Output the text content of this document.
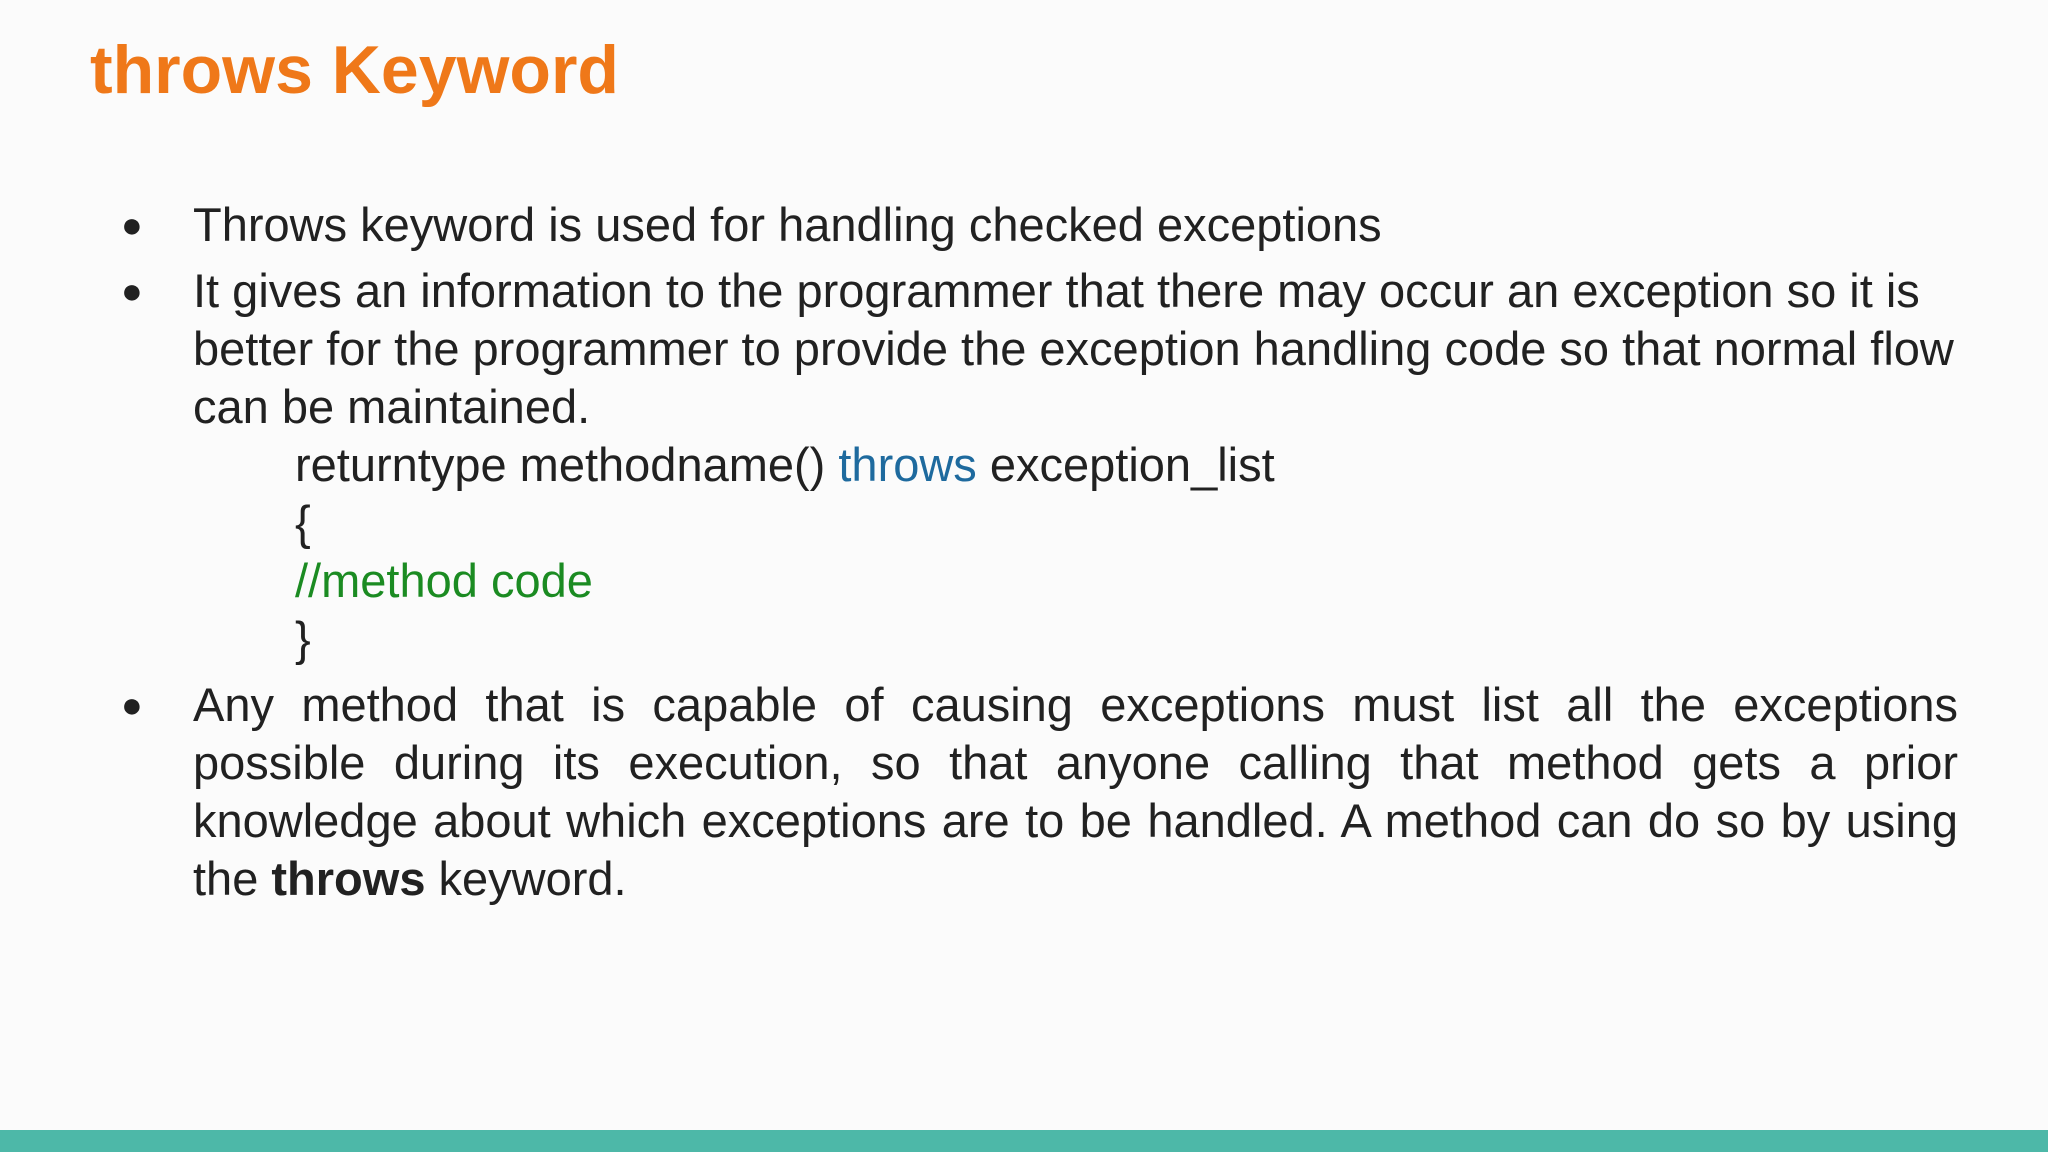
throws Keyword
● Throws keyword is used for handling checked exceptions
● It gives an information to the programmer that there may occur an exception so it is better for the programmer to provide the exception handling code so that normal flow can be maintained.
returntype methodname() throws exception_list
{
//method code
}
● Any method that is capable of causing exceptions must list all the exceptions possible during its execution, so that anyone calling that method gets a prior knowledge about which exceptions are to be handled. A method can do so by using the throws keyword.
